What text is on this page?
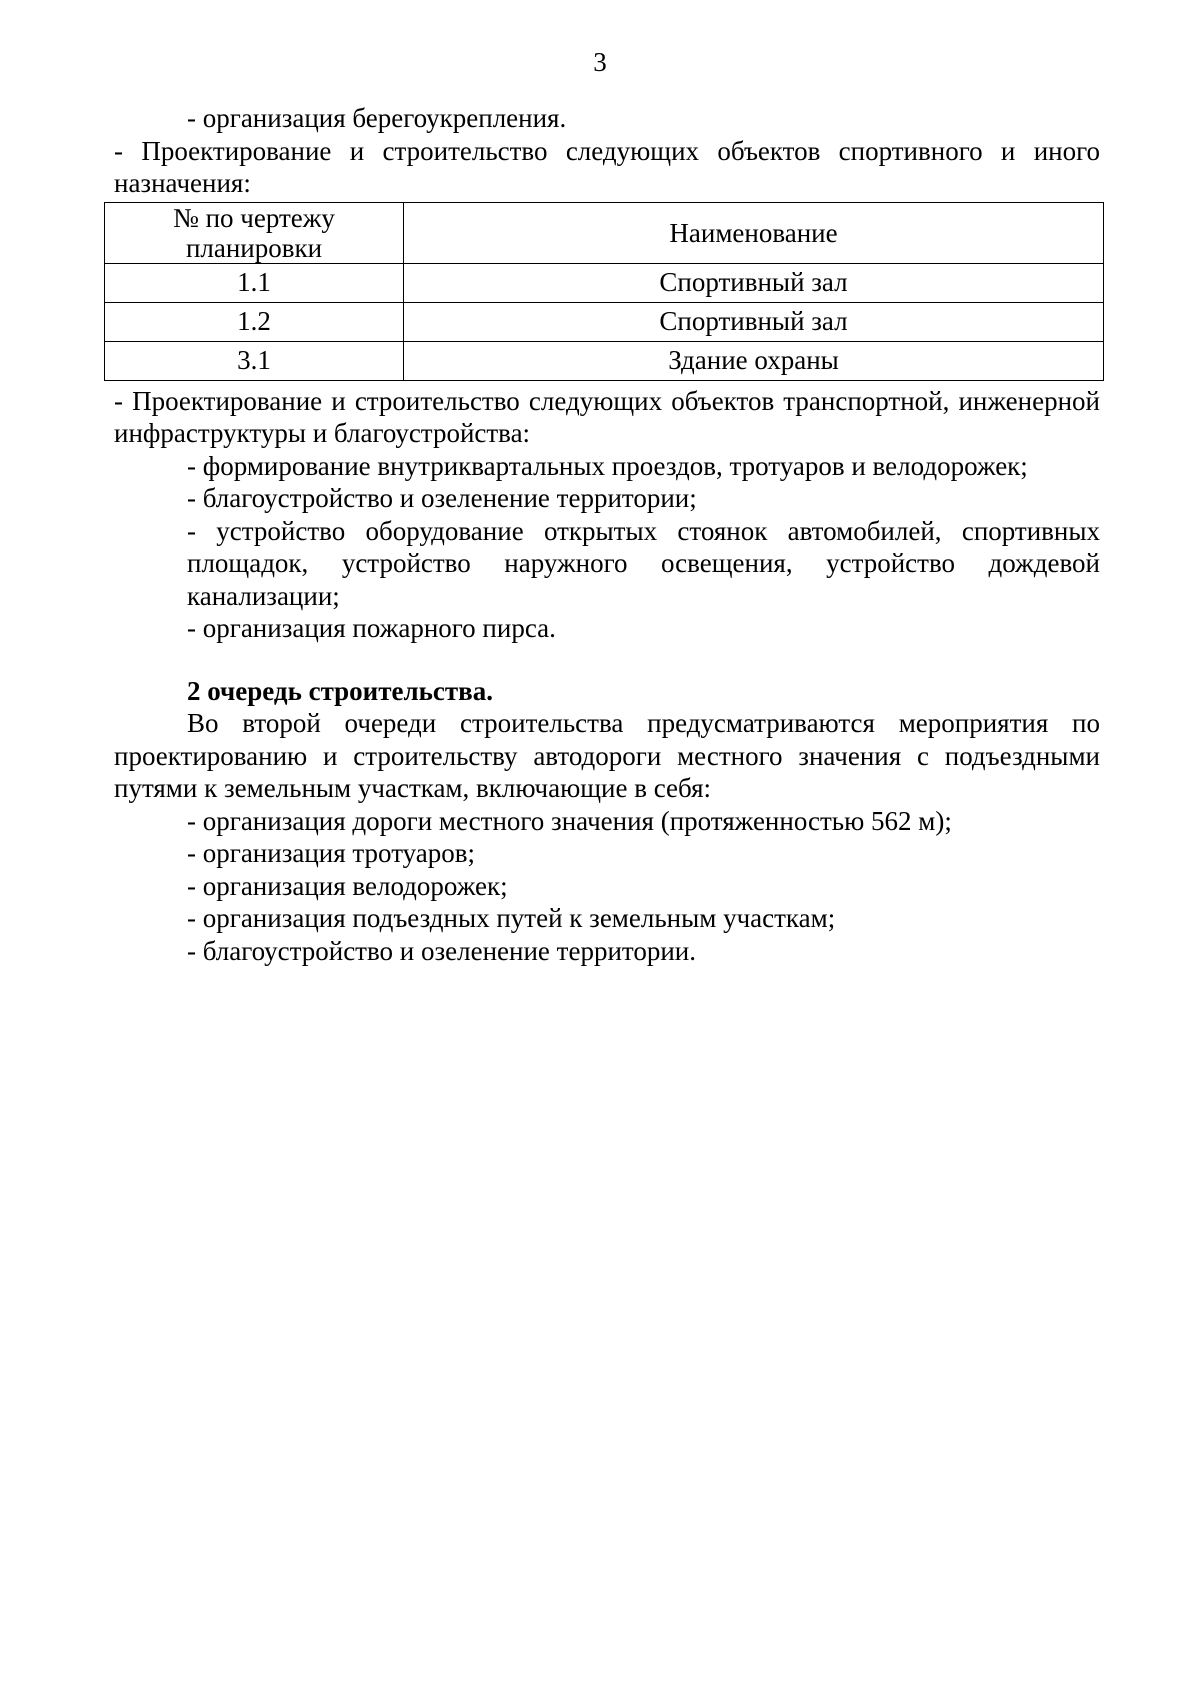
3

- организация берегоукрепления.

- Проектирование и строительство следующих объектов спортивного и иного назначения:

№ по чертежу планировки	Наименование
1.1	Спортивный зал
1.2	Спортивный зал
3.1	Здание охраны

- Проектирование и строительство следующих объектов транспортной, инженерной инфраструктуры и благоустройства:

- формирование внутриквартальных проездов, тротуаров и велодорожек;

- благоустройство и озеленение территории;

- устройство оборудование открытых стоянок автомобилей, спортивных площадок, устройство наружного освещения, устройство дождевой канализации;

- организация пожарного пирса.

2 очередь строительства.

Во второй очереди строительства предусматриваются мероприятия по проектированию и строительству автодороги местного значения с подъездными путями к земельным участкам, включающие в себя:

- организация дороги местного значения (протяженностью 562 м);

- организация тротуаров;

- организация велодорожек;

- организация подъездных путей к земельным участкам;

- благоустройство и озеленение территории.
